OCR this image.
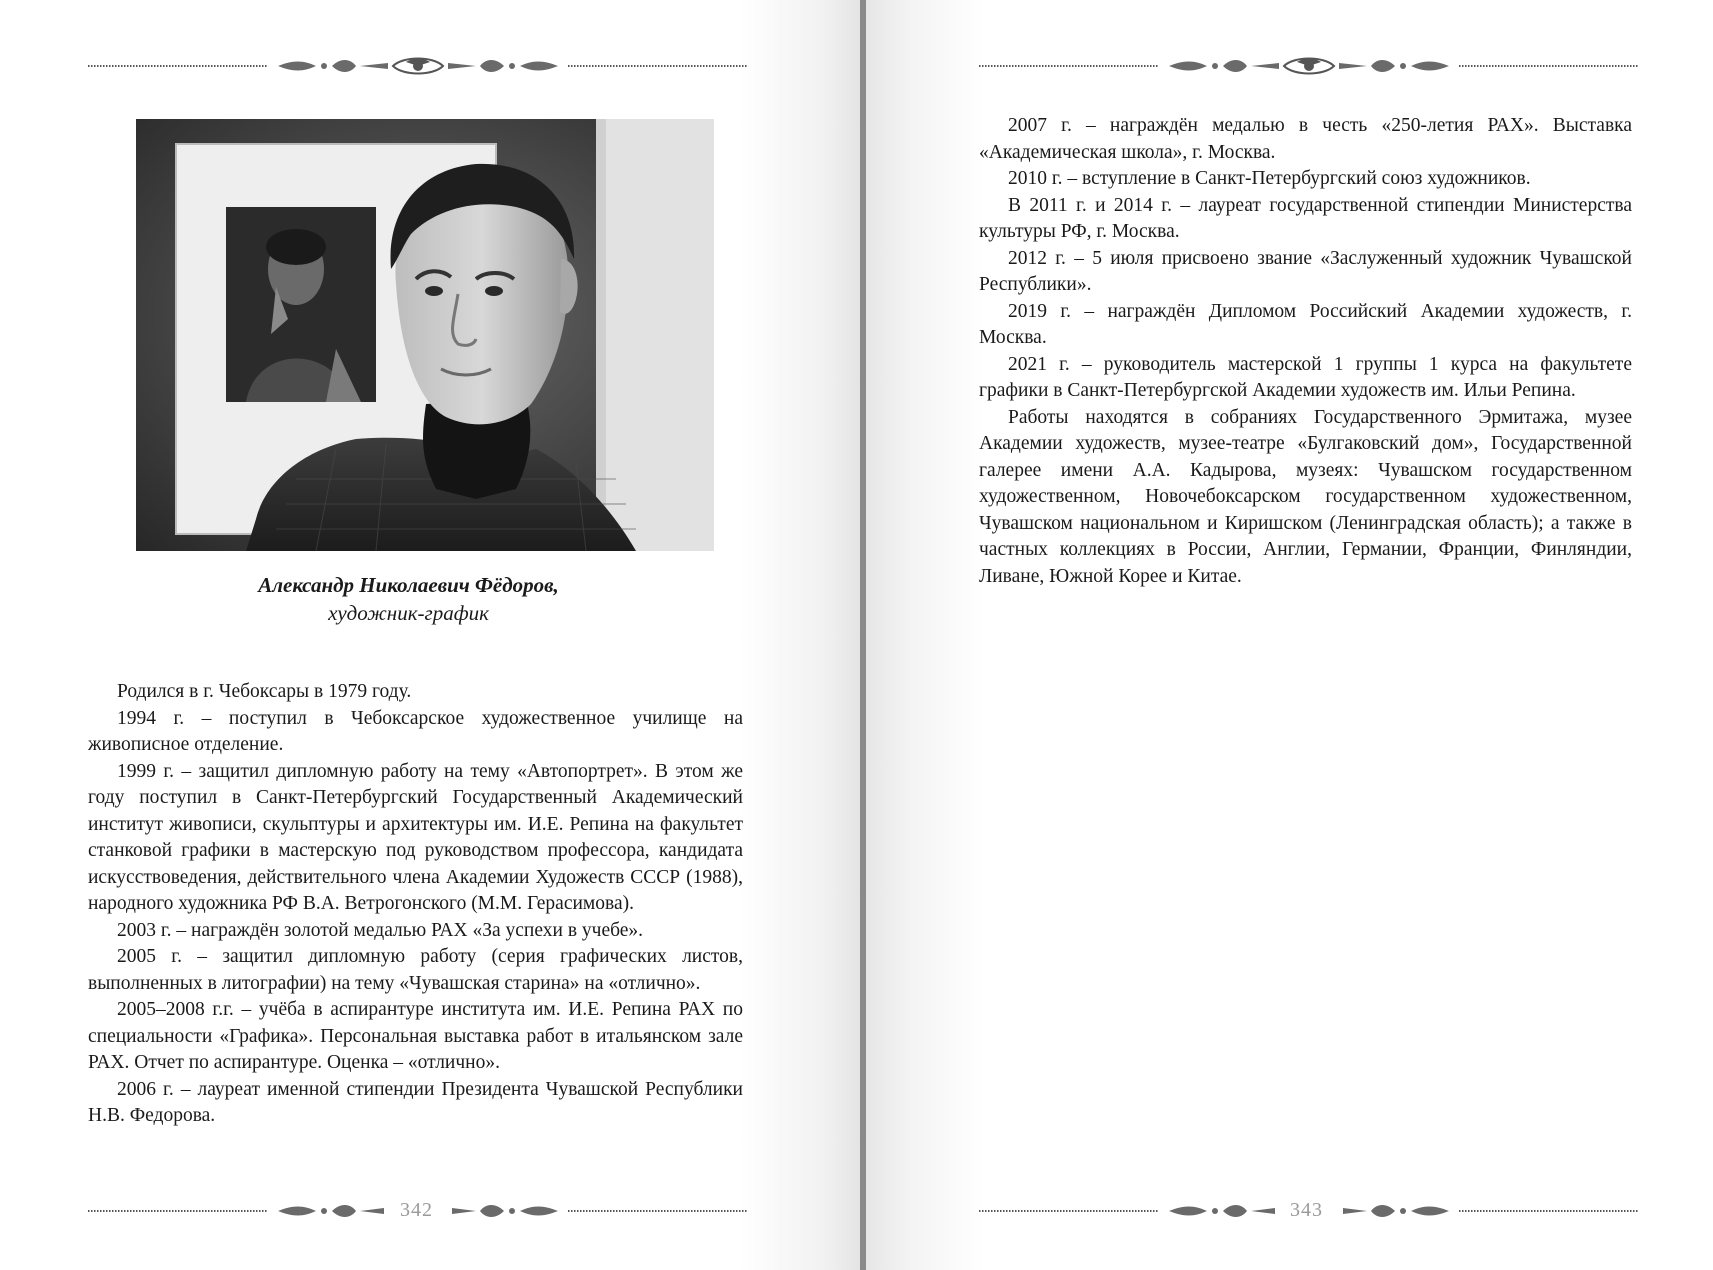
Александр Николаевич Фёдоров,
художник-график

Родился в г. Чебоксары в 1979 году.

1994 г. – поступил в Чебоксарское художественное училище на живописное отделение.

1999 г. – защитил дипломную работу на тему «Автопортрет». В этом же году поступил в Санкт-Петербургский Государственный Академический институт живописи, скульптуры и архитектуры им. И.Е. Репина на факультет станковой графики в мастерскую под руководством профессора, кандидата искусствоведения, действительного члена Академии Художеств СССР (1988), народного художника РФ В.А. Ветрогонского (М.М. Герасимова).

2003 г. – награждён золотой медалью РАХ «За успехи в учебе».

2005 г. – защитил дипломную работу (серия графических листов, выполненных в литографии) на тему «Чувашская старина» на «отлично».

2005–2008 г.г. – учёба в аспирантуре института им. И.Е. Репина РАХ по специальности «Графика». Персональная выставка работ в итальянском зале РАХ. Отчет по аспирантуре. Оценка – «отлично».

2006 г. – лауреат именной стипендии Президента Чувашской Республики Н.В. Федорова.

342

2007 г. – награждён медалью в честь «250-летия РАХ». Выставка «Академическая школа», г. Москва.

2010 г. – вступление в Санкт-Петербургский союз художников.

В 2011 г. и 2014 г. – лауреат государственной стипендии Министерства культуры РФ, г. Москва.

2012 г. – 5 июля присвоено звание «Заслуженный художник Чувашской Республики».

2019 г. – награждён Дипломом Российский Академии художеств, г. Москва.

2021 г. – руководитель мастерской 1 группы 1 курса на факультете графики в Санкт-Петербургской Академии художеств им. Ильи Репина.

Работы находятся в собраниях Государственного Эрмитажа, музее Академии художеств, музее-театре «Булгаковский дом», Государственной галерее имени А.А. Кадырова, музеях: Чувашском государственном художественном, Новочебоксарском государственном художественном, Чувашском национальном и Киришском (Ленинградская область); а также в частных коллекциях в России, Англии, Германии, Франции, Финляндии, Ливане, Южной Корее и Китае.

343
